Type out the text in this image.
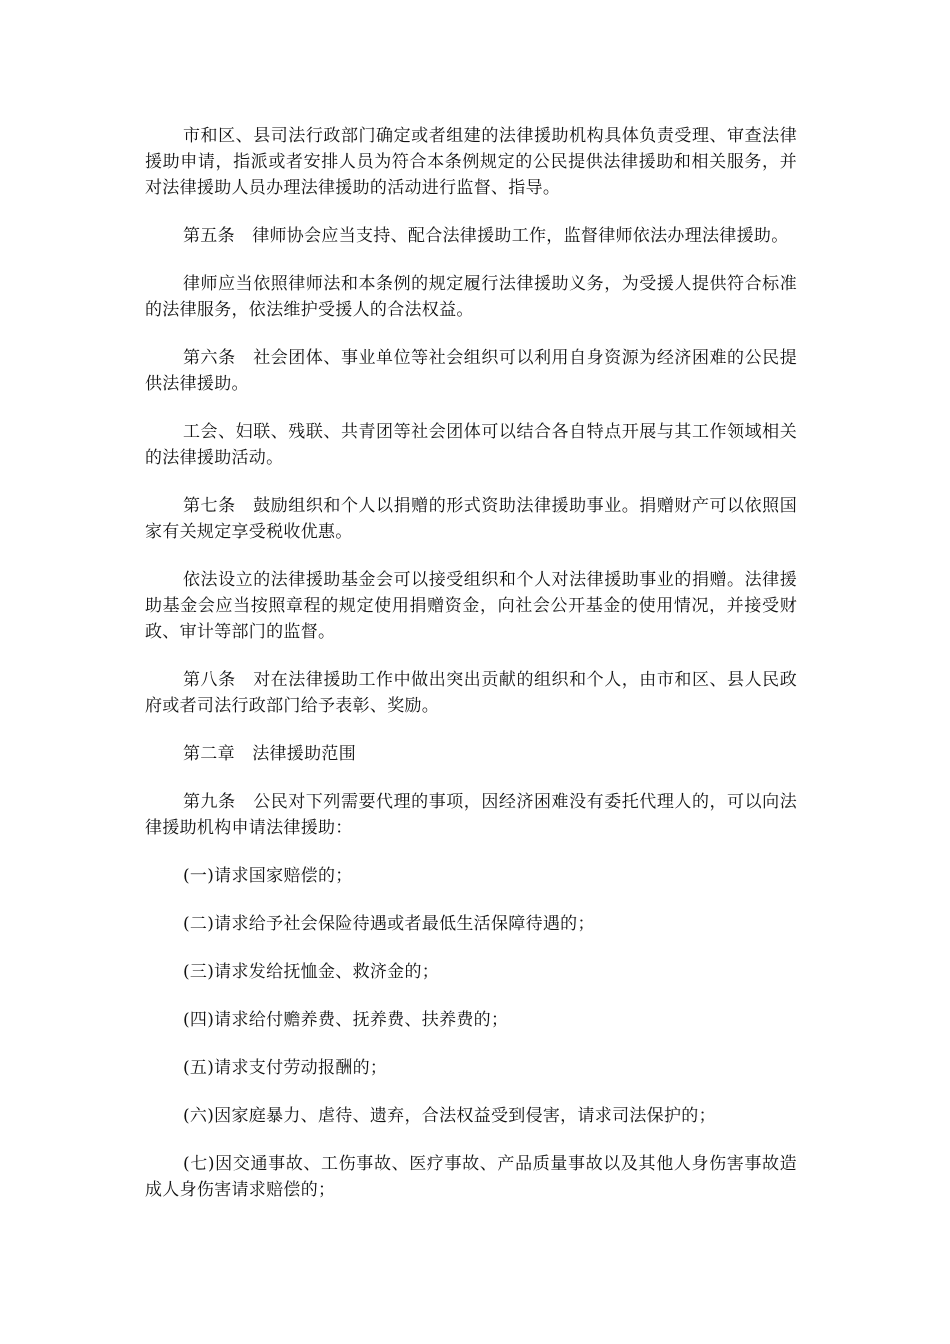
市和区、县司法行政部门确定或者组建的法律援助机构具体负责受理、审查法律援助申请，指派或者安排人员为符合本条例规定的公民提供法律援助和相关服务，并对法律援助人员办理法律援助的活动进行监督、指导。

第五条　律师协会应当支持、配合法律援助工作，监督律师依法办理法律援助。

律师应当依照律师法和本条例的规定履行法律援助义务，为受援人提供符合标准的法律服务，依法维护受援人的合法权益。

第六条　社会团体、事业单位等社会组织可以利用自身资源为经济困难的公民提供法律援助。

工会、妇联、残联、共青团等社会团体可以结合各自特点开展与其工作领域相关的法律援助活动。

第七条　鼓励组织和个人以捐赠的形式资助法律援助事业。捐赠财产可以依照国家有关规定享受税收优惠。

依法设立的法律援助基金会可以接受组织和个人对法律援助事业的捐赠。法律援助基金会应当按照章程的规定使用捐赠资金，向社会公开基金的使用情况，并接受财政、审计等部门的监督。

第八条　对在法律援助工作中做出突出贡献的组织和个人，由市和区、县人民政府或者司法行政部门给予表彰、奖励。

第二章　法律援助范围

第九条　公民对下列需要代理的事项，因经济困难没有委托代理人的，可以向法律援助机构申请法律援助：

(一)请求国家赔偿的；

(二)请求给予社会保险待遇或者最低生活保障待遇的；

(三)请求发给抚恤金、救济金的；

(四)请求给付赡养费、抚养费、扶养费的；

(五)请求支付劳动报酬的；

(六)因家庭暴力、虐待、遗弃，合法权益受到侵害，请求司法保护的；

(七)因交通事故、工伤事故、医疗事故、产品质量事故以及其他人身伤害事故造成人身伤害请求赔偿的；
